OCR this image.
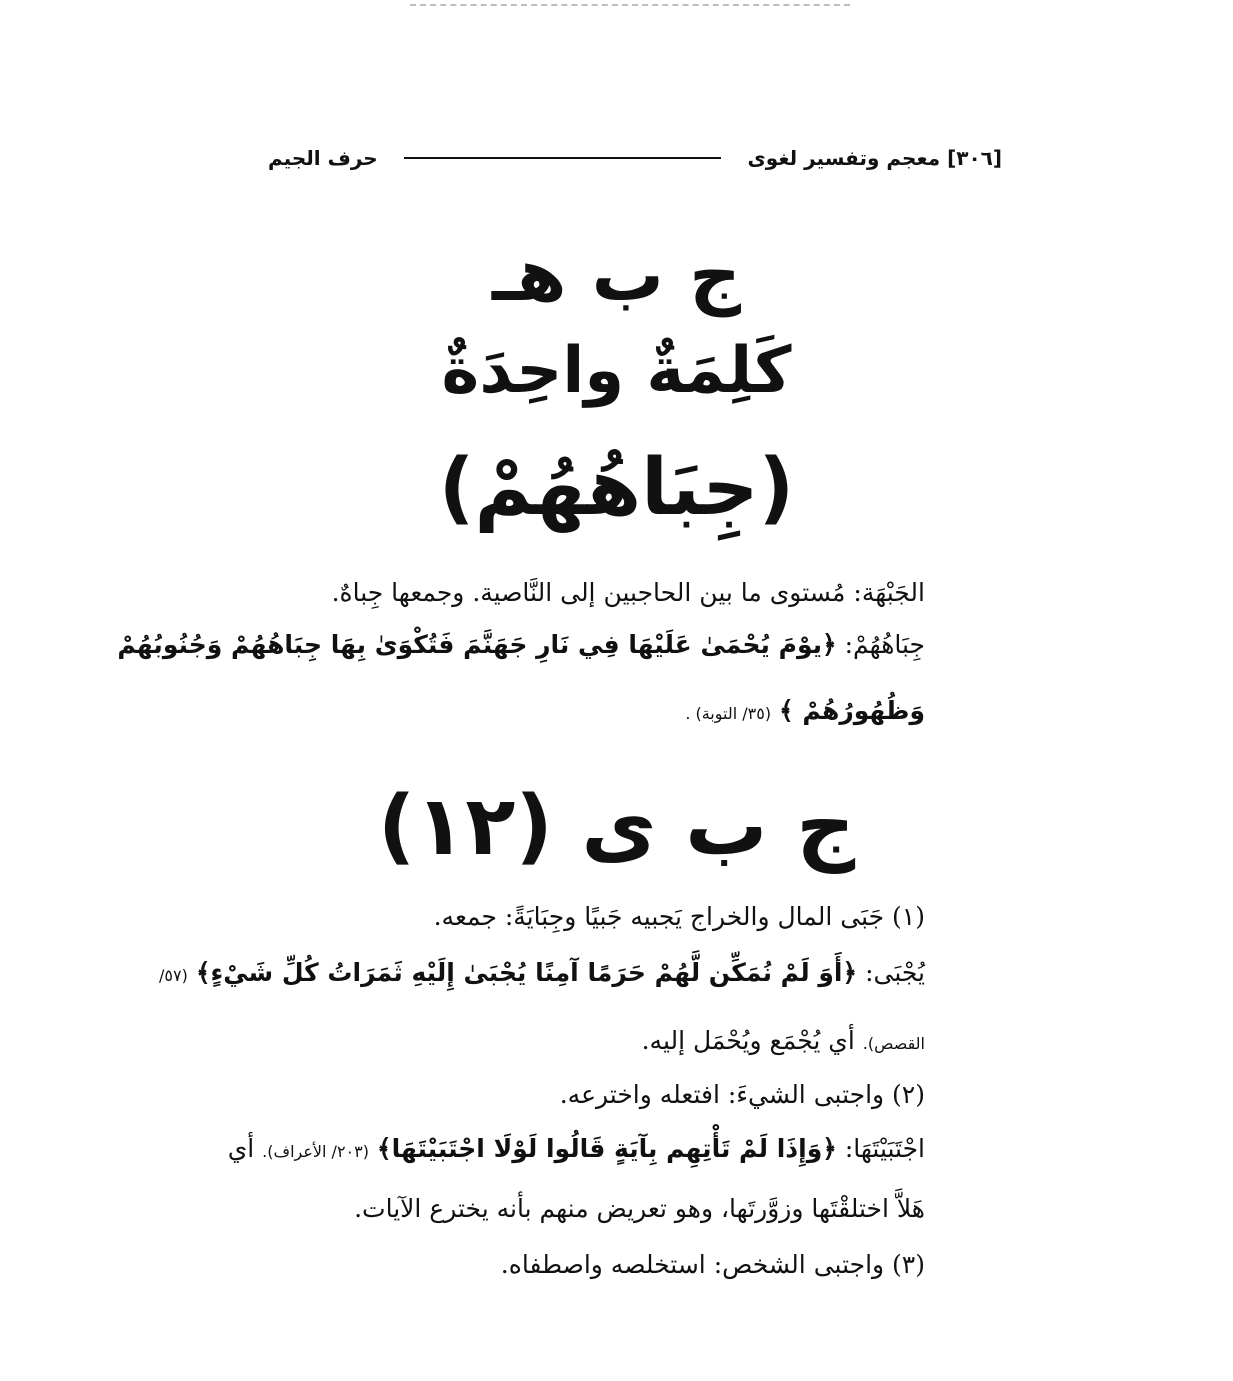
[٣٠٦] معجم وتفسير لغوى
حرف الجيم
ج ب هـ
كَلِمَةٌ واحِدَةٌ
(جِبَاهُهُمْ)
الجَبْهَة: مُستوى ما بين الحاجبين إلى النَّاصية. وجمعها جِباهٌ.
جِبَاهُهُمْ: ﴿يوْمَ يُحْمَىٰ عَلَيْهَا فِي نَارِ جَهَنَّمَ فَتُكْوَىٰ بِهَا جِبَاهُهُمْ وَجُنُوبُهُمْ
وَظُهُورُهُمْ ﴾ (٣٥/ التوبة) .
ج ب ى (١٢)
(١) جَبَى المال والخراج يَجبيه جَبيًا وجِبَايَةً: جمعه.
يُجْبَى: ﴿أَوَ لَمْ نُمَكِّن لَّهُمْ حَرَمًا آمِنًا يُجْبَىٰ إِلَيْهِ ثَمَرَاتُ كُلِّ شَيْءٍ﴾ (٥٧/
القصص). أي يُجْمَع ويُحْمَل إليه.
(٢) واجتبى الشيءَ: افتعله واخترعه.
اجْتَبَيْتَهَا: ﴿وَإِذَا لَمْ تَأْتِهِم بِآيَةٍ قَالُوا لَوْلَا اجْتَبَيْتَهَا﴾ (٢٠٣/ الأعراف). أي
هَلاَّ اختلقْتَها وزوَّرتَها، وهو تعريض منهم بأنه يخترع الآيات.
(٣) واجتبى الشخص: استخلصه واصطفاه.
